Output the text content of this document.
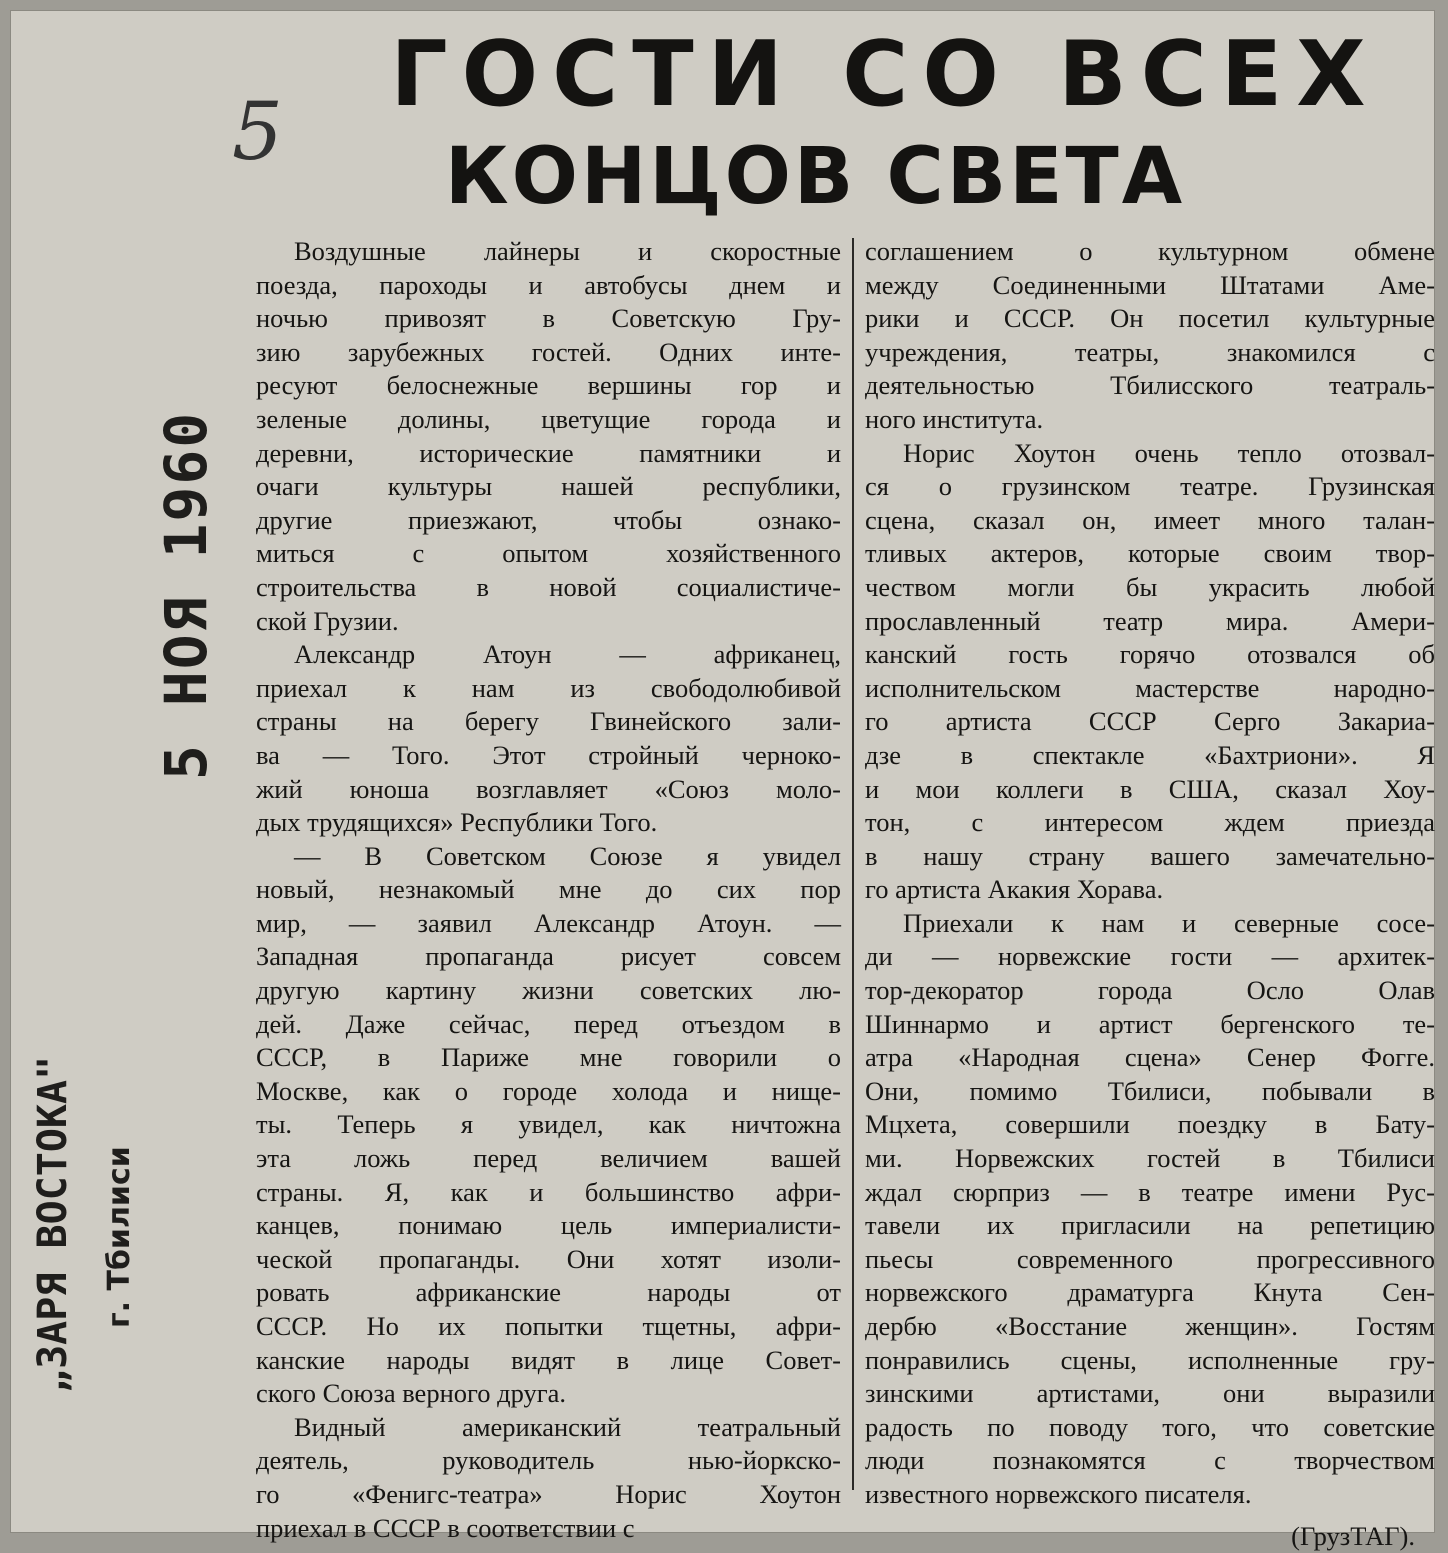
5
5 НОЯ 1960
„ЗАРЯ ВОСТОКА" г. Тбилиси
ГОСТИ СО ВСЕХ
КОНЦОВ СВЕТА
Воздушные лайнеры и скоростные
поезда, пароходы и автобусы днем и
ночью привозят в Советскую Гру-
зию зарубежных гостей. Одних инте-
ресуют белоснежные вершины гор и
зеленые долины, цветущие города и
деревни, исторические памятники и
очаги культуры нашей республики,
другие приезжают, чтобы ознако-
миться с опытом хозяйственного
строительства в новой социалистиче-
ской Грузии.
Александр Атоун — африканец,
приехал к нам из свободолюбивой
страны на берегу Гвинейского зали-
ва — Того. Этот стройный черноко-
жий юноша возглавляет «Союз моло-
дых трудящихся» Республики Того.
— В Советском Союзе я увидел
новый, незнакомый мне до сих пор
мир, — заявил Александр Атоун. —
Западная пропаганда рисует совсем
другую картину жизни советских лю-
дей. Даже сейчас, перед отъездом в
СССР, в Париже мне говорили о
Москве, как о городе холода и нище-
ты. Теперь я увидел, как ничтожна
эта ложь перед величием вашей
страны. Я, как и большинство афри-
канцев, понимаю цель империалисти-
ческой пропаганды. Они хотят изоли-
ровать африканские народы от
СССР. Но их попытки тщетны, афри-
канские народы видят в лице Совет-
ского Союза верного друга.
Видный американский театральный
деятель, руководитель нью-йоркско-
го «Фенигс-театра» Норис Хоутон
приехал в СССР в соответствии с
соглашением о культурном обмене
между Соединенными Штатами Аме-
рики и СССР. Он посетил культурные
учреждения, театры, знакомился с
деятельностью Тбилисского театраль-
ного института.
Норис Хоутон очень тепло отозвал-
ся о грузинском театре. Грузинская
сцена, сказал он, имеет много талан-
тливых актеров, которые своим твор-
чеством могли бы украсить любой
прославленный театр мира. Амери-
канский гость горячо отозвался об
исполнительском мастерстве народно-
го артиста СССР Серго Закариа-
дзе в спектакле «Бахтриони». Я
и мои коллеги в США, сказал Хоу-
тон, с интересом ждем приезда
в нашу страну вашего замечательно-
го артиста Акакия Хорава.
Приехали к нам и северные сосе-
ди — норвежские гости — архитек-
тор-декоратор города Осло Олав
Шиннармо и артист бергенского те-
атра «Народная сцена» Сенер Фогге.
Они, помимо Тбилиси, побывали в
Мцхета, совершили поездку в Бату-
ми. Норвежских гостей в Тбилиси
ждал сюрприз — в театре имени Рус-
тавели их пригласили на репетицию
пьесы современного прогрессивного
норвежского драматурга Кнута Сен-
дербю «Восстание женщин». Гостям
понравились сцены, исполненные гру-
зинскими артистами, они выразили
радость по поводу того, что советские
люди познакомятся с творчеством
известного норвежского писателя.
(ГрузТАГ).
